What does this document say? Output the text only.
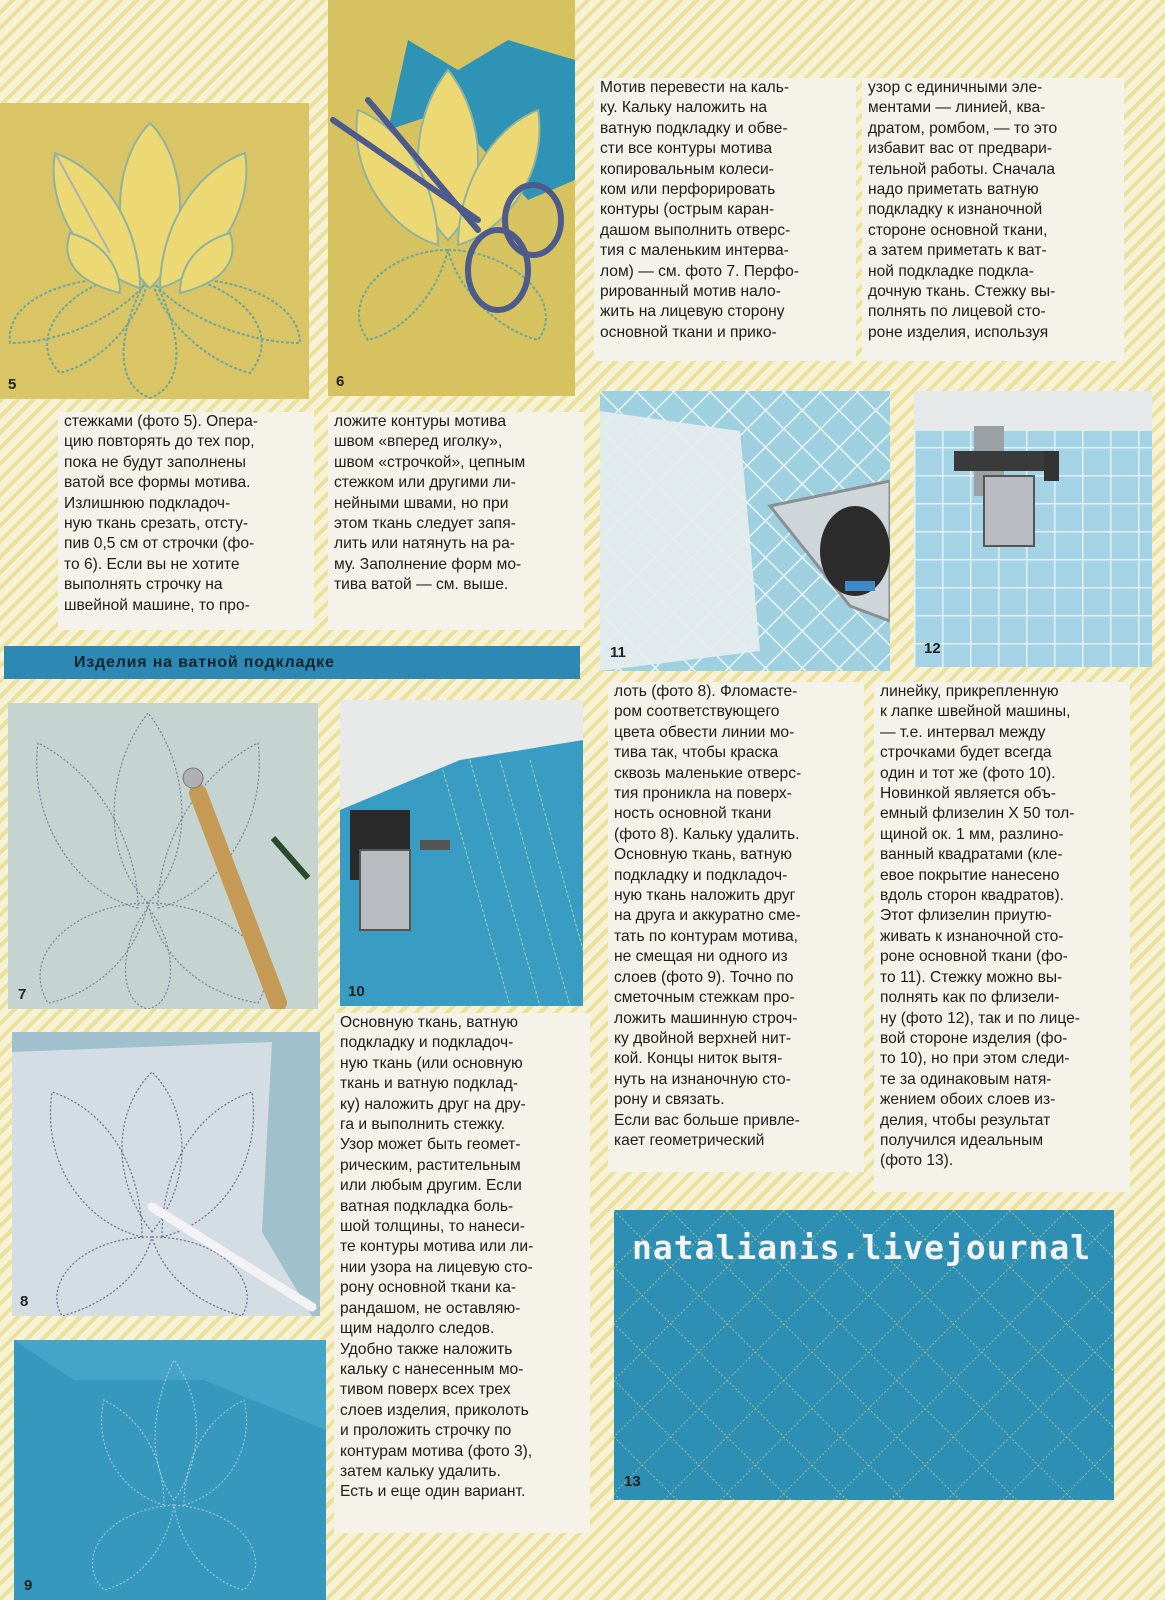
5	6
Мотив перевести на каль-
ку. Кальку наложить на
ватную подкладку и обве-
сти все контуры мотива
копировальным колеси-
ком или перфорировать
контуры (острым каран-
дашом выполнить отверс-
тия с маленьким интерва-
лом) — см. фото 7. Перфо-
рированный мотив нало-
жить на лицевую сторону
основной ткани и прико-
узор с единичными эле-
ментами — линией, ква-
дратом, ромбом, — то это
избавит вас от предвари-
тельной работы. Сначала
надо приметать ватную
подкладку к изнаночной
стороне основной ткани,
а затем приметать к ват-
ной подкладке подкла-
дочную ткань. Стежку вы-
полнять по лицевой сто-
роне изделия, используя
стежками (фото 5). Опера-
цию повторять до тех пор,
пока не будут заполнены
ватой все формы мотива.
Излишнюю подкладоч-
ную ткань срезать, отсту-
пив 0,5 см от строчки (фо-
то 6). Если вы не хотите
выполнять строчку на
швейной машине, то про-
ложите контуры мотива
швом «вперед иголку»,
швом «строчкой», цепным
стежком или другими ли-
нейными швами, но при
этом ткань следует запя-
лить или натянуть на ра-
му. Заполнение форм мо-
тива ватой — см. выше.
11	12
Изделия на ватной подкладке
7	10
лоть (фото 8). Фломасте-
ром соответствующего
цвета обвести линии мо-
тива так, чтобы краска
сквозь маленькие отверс-
тия проникла на поверх-
ность основной ткани
(фото 8). Кальку удалить.
Основную ткань, ватную
подкладку и подкладоч-
ную ткань наложить друг
на друга и аккуратно сме-
тать по контурам мотива,
не смещая ни одного из
слоев (фото 9). Точно по
сметочным стежкам про-
ложить машинную строч-
ку двойной верхней нит-
кой. Концы ниток вытя-
нуть на изнаночную сто-
рону и связать.
Если вас больше привле-
кает геометрический
линейку, прикрепленную
к лапке швейной машины,
— т.е. интервал между
строчками будет всегда
один и тот же (фото 10).
Новинкой является объ-
емный флизелин X 50 тол-
щиной ок. 1 мм, разлино-
ванный квадратами (кле-
евое покрытие нанесено
вдоль сторон квадратов).
Этот флизелин приутю-
живать к изнаночной сто-
роне основной ткани (фо-
то 11). Стежку можно вы-
полнять как по флизели-
ну (фото 12), так и по лице-
вой стороне изделия (фо-
то 10), но при этом следи-
те за одинаковым натя-
жением обоих слоев из-
делия, чтобы результат
получился идеальным
(фото 13).
8
9
Основную ткань, ватную
подкладку и подкладоч-
ную ткань (или основную
ткань и ватную подклад-
ку) наложить друг на дру-
га и выполнить стежку.
Узор может быть геомет-
рическим, растительным
или любым другим. Если
ватная подкладка боль-
шой толщины, то нанеси-
те контуры мотива или ли-
нии узора на лицевую сто-
рону основной ткани ка-
рандашом, не оставляю-
щим надолго следов.
Удобно также наложить
кальку с нанесенным мо-
тивом поверх всех трех
слоев изделия, приколоть
и проложить строчку по
контурам мотива (фото 3),
затем кальку удалить.
Есть и еще один вариант.
natalianis.livejournal
13
